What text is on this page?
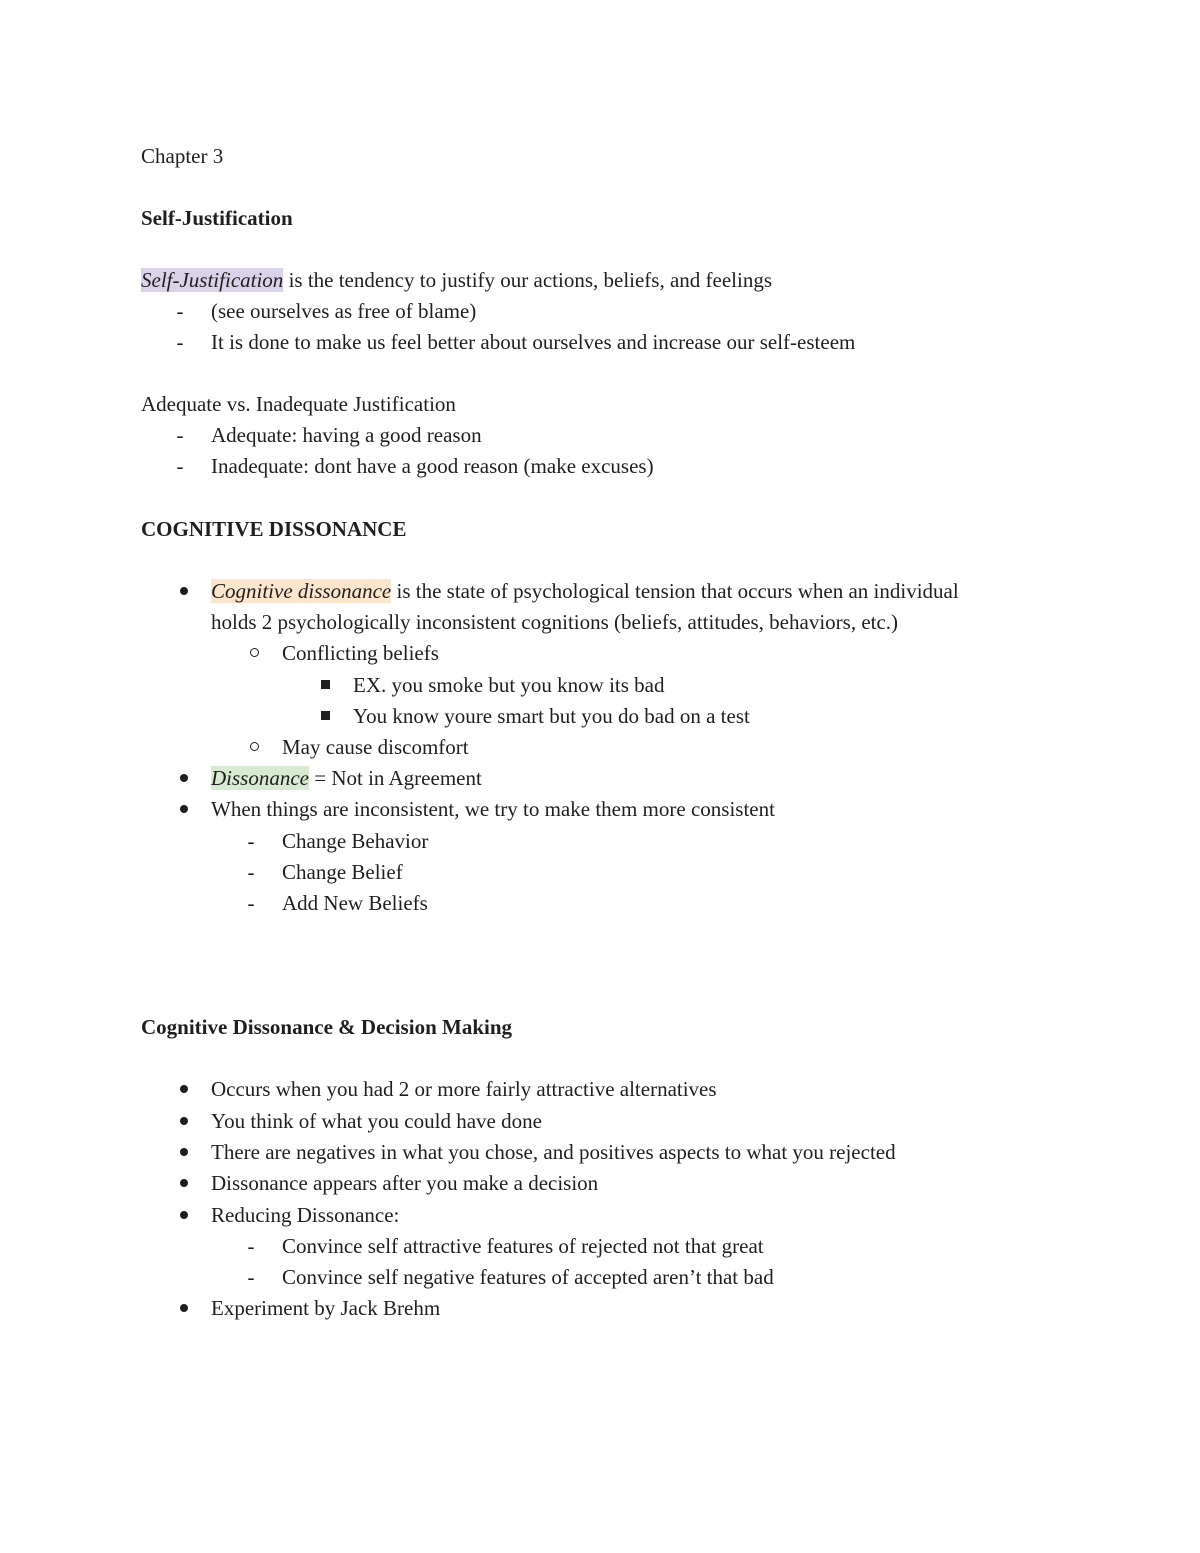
Chapter 3
Self-Justification
Self-Justification is the tendency to justify our actions, beliefs, and feelings
- (see ourselves as free of blame)
- It is done to make us feel better about ourselves and increase our self-esteem
Adequate vs. Inadequate Justification
- Adequate: having a good reason
- Inadequate: dont have a good reason (make excuses)
COGNITIVE DISSONANCE
Cognitive dissonance is the state of psychological tension that occurs when an individual
holds 2 psychologically inconsistent cognitions (beliefs, attitudes, behaviors, etc.)
Conflicting beliefs
EX. you smoke but you know its bad
You know youre smart but you do bad on a test
May cause discomfort
Dissonance = Not in Agreement
When things are inconsistent, we try to make them more consistent
- Change Behavior
- Change Belief
- Add New Beliefs
Cognitive Dissonance & Decision Making
Occurs when you had 2 or more fairly attractive alternatives
You think of what you could have done
There are negatives in what you chose, and positives aspects to what you rejected
Dissonance appears after you make a decision
Reducing Dissonance:
- Convince self attractive features of rejected not that great
- Convince self negative features of accepted aren’t that bad
Experiment by Jack Brehm
